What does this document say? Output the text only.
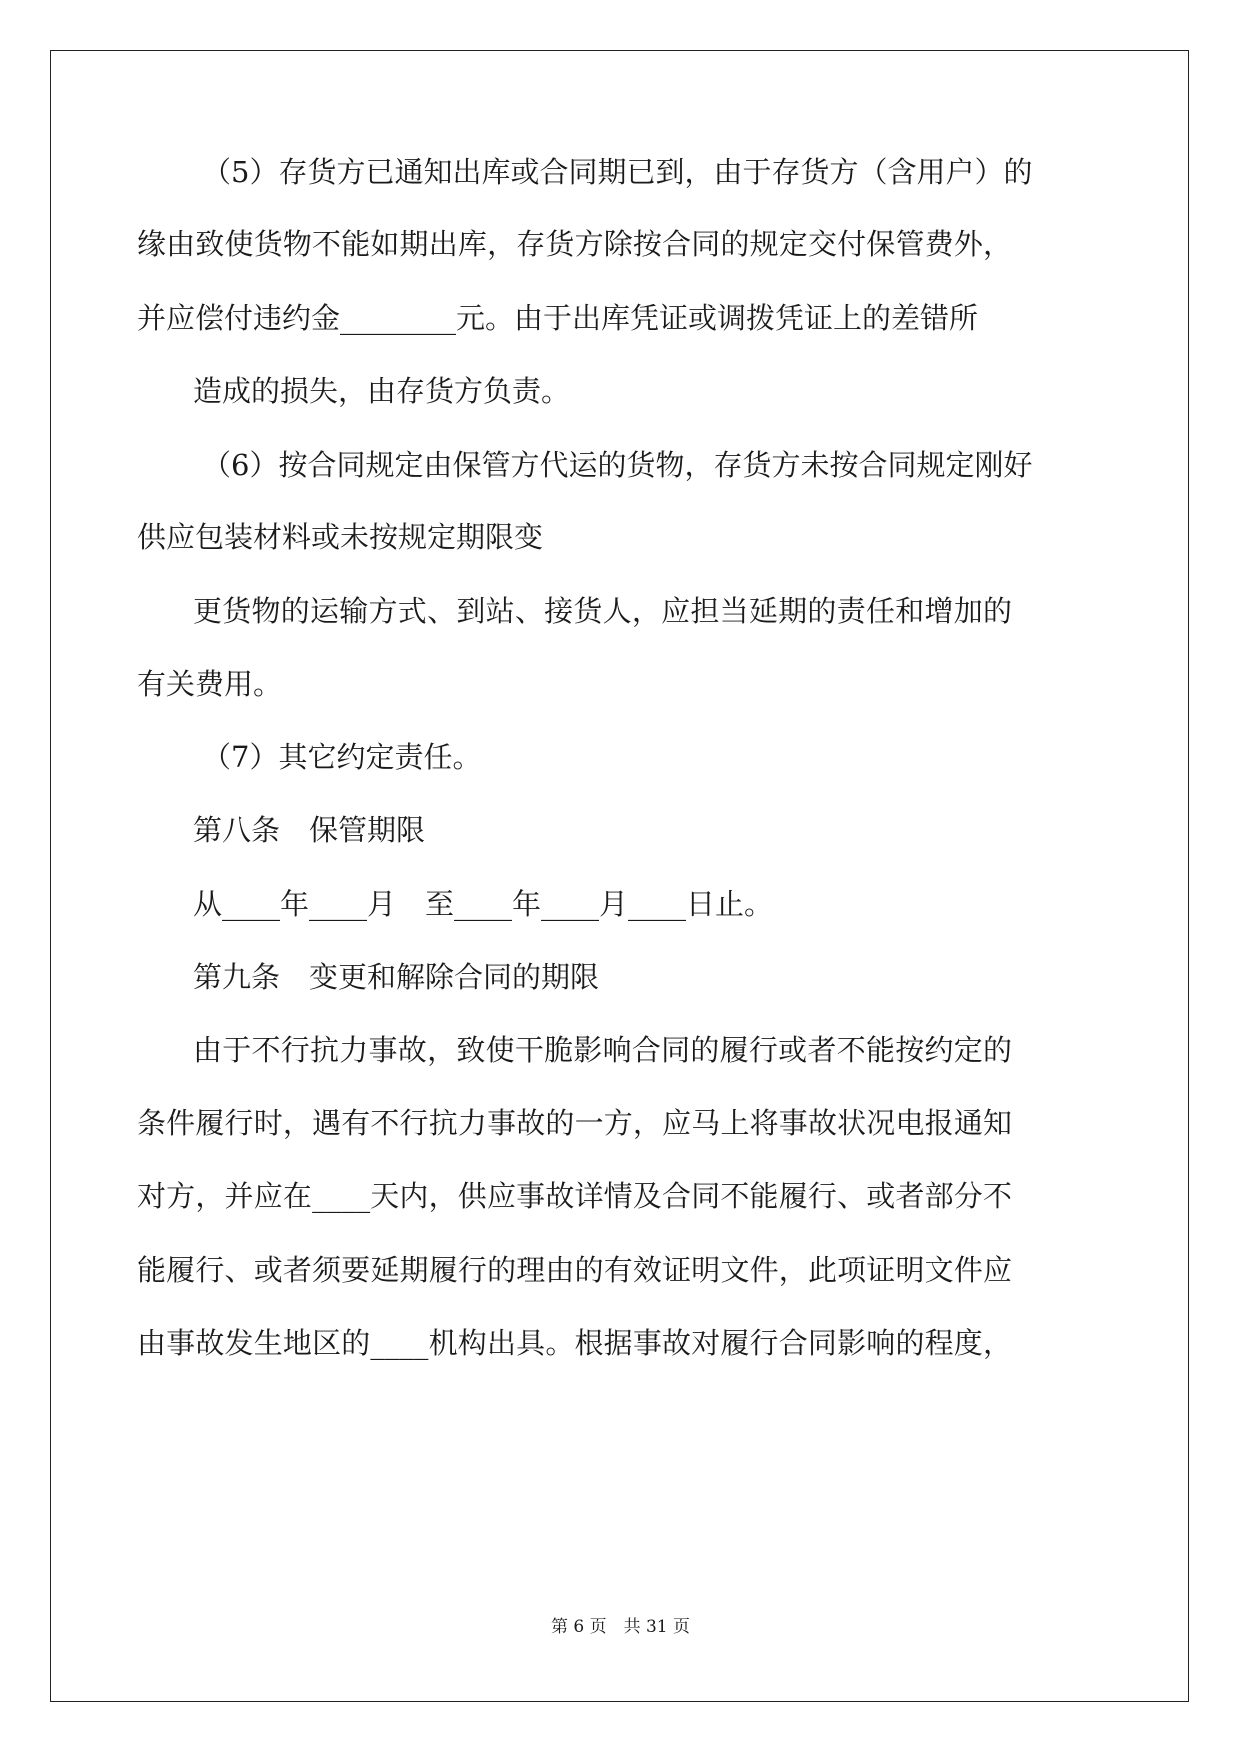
（5）存货方已通知出库或合同期已到，由于存货方（含用户）的
缘由致使货物不能如期出库，存货方除按合同的规定交付保管费外，
并应偿付违约金________元。由于出库凭证或调拨凭证上的差错所
造成的损失，由存货方负责。
（6）按合同规定由保管方代运的货物，存货方未按合同规定刚好
供应包装材料或未按规定期限变
更货物的运输方式、到站、接货人，应担当延期的责任和增加的
有关费用。
（7）其它约定责任。
第八条　保管期限
从____年____月　至____年____月____日止。
第九条　变更和解除合同的期限
由于不行抗力事故，致使干脆影响合同的履行或者不能按约定的
条件履行时，遇有不行抗力事故的一方，应马上将事故状况电报通知
对方，并应在____天内，供应事故详情及合同不能履行、或者部分不
能履行、或者须要延期履行的理由的有效证明文件，此项证明文件应
由事故发生地区的____机构出具。根据事故对履行合同影响的程度，
第 6 页　共 31 页
